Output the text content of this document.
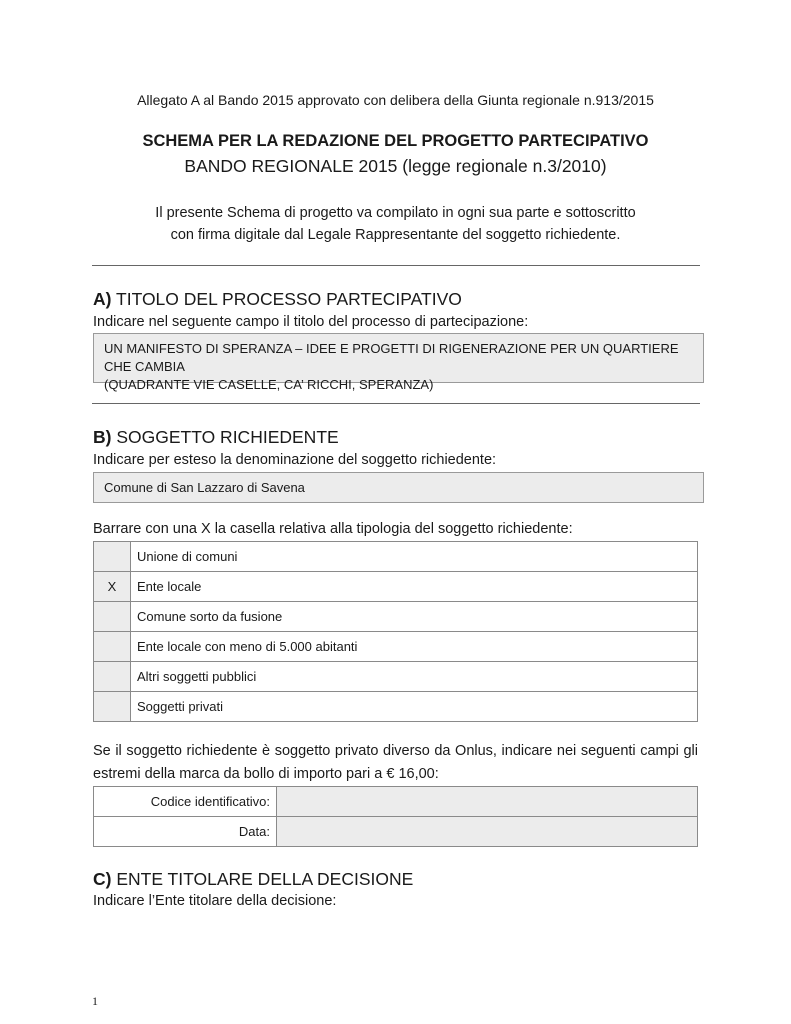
Allegato A al Bando 2015 approvato con delibera della Giunta regionale n.913/2015
SCHEMA PER LA REDAZIONE DEL PROGETTO PARTECIPATIVO
BANDO REGIONALE 2015 (legge regionale n.3/2010)
Il presente Schema di progetto va compilato in ogni sua parte e sottoscritto
con firma digitale dal Legale Rappresentante del soggetto richiedente.
A) TITOLO DEL PROCESSO PARTECIPATIVO
Indicare nel seguente campo il titolo del processo di partecipazione:
UN MANIFESTO DI SPERANZA – IDEE E PROGETTI DI RIGENERAZIONE PER UN QUARTIERE CHE CAMBIA
(QUADRANTE VIE CASELLE, CA’ RICCHI, SPERANZA)
B) SOGGETTO RICHIEDENTE
Indicare per esteso la denominazione del soggetto richiedente:
Comune di San Lazzaro di Savena
Barrare con una X la casella relativa alla tipologia del soggetto richiedente:
	Unione di comuni
X	Ente locale
	Comune sorto da fusione
	Ente locale con meno di 5.000 abitanti
	Altri soggetti pubblici
	Soggetti privati
Se il soggetto richiedente è soggetto privato diverso da Onlus, indicare nei seguenti campi gli estremi della marca da bollo di importo pari a € 16,00:
Codice identificativo:	
Data:	
C) ENTE TITOLARE DELLA DECISIONE
Indicare l’Ente titolare della decisione:
1
